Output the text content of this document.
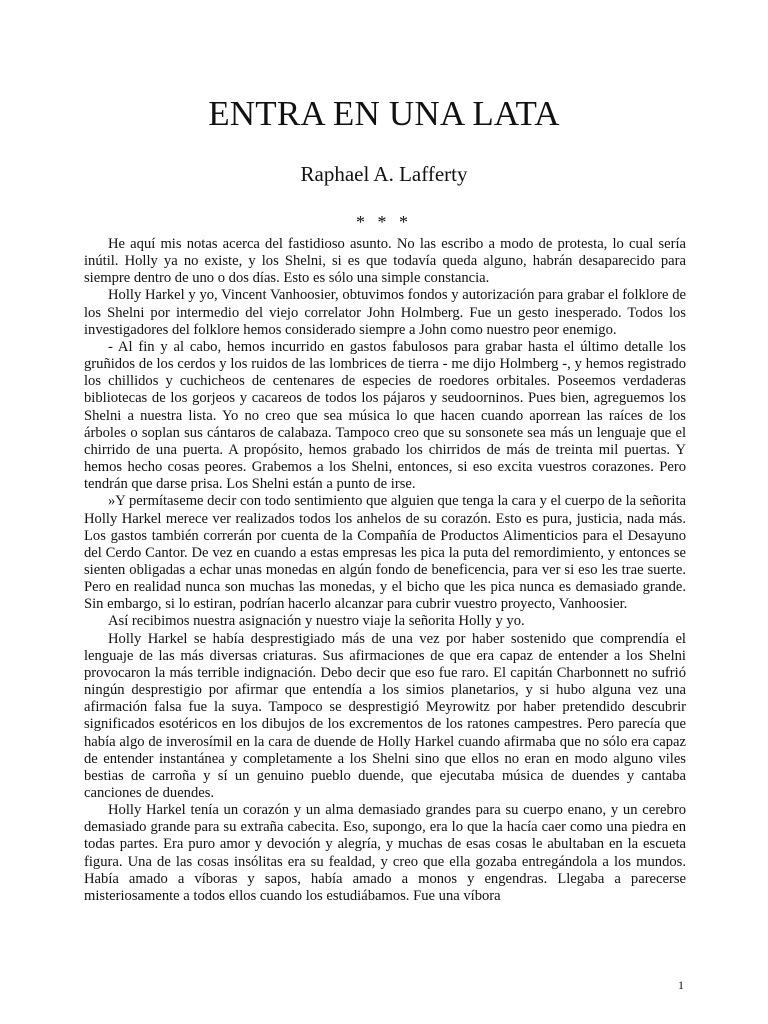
ENTRA EN UNA LATA

Raphael A. Lafferty

* * *

He aquí mis notas acerca del fastidioso asunto. No las escribo a modo de protesta, lo cual sería inútil. Holly ya no existe, y los Shelni, si es que todavía queda alguno, habrán desaparecido para siempre dentro de uno o dos días. Esto es sólo una simple constancia.

Holly Harkel y yo, Vincent Vanhoosier, obtuvimos fondos y autorización para grabar el folklore de los Shelni por intermedio del viejo correlator John Holmberg. Fue un gesto inesperado. Todos los investigadores del folklore hemos considerado siempre a John como nuestro peor enemigo.

- Al fin y al cabo, hemos incurrido en gastos fabulosos para grabar hasta el último detalle los gruñidos de los cerdos y los ruidos de las lombrices de tierra - me dijo Holmberg -, y hemos registrado los chillidos y cuchicheos de centenares de especies de roedores orbitales. Poseemos verdaderas bibliotecas de los gorjeos y cacareos de todos los pájaros y seudoorninos. Pues bien, agreguemos los Shelni a nuestra lista. Yo no creo que sea música lo que hacen cuando aporrean las raíces de los árboles o soplan sus cántaros de calabaza. Tampoco creo que su sonsonete sea más un lenguaje que el chirrido de una puerta. A propósito, hemos grabado los chirridos de más de treinta mil puertas. Y hemos hecho cosas peores. Grabemos a los Shelni, entonces, si eso excita vuestros corazones. Pero tendrán que darse prisa. Los Shelni están a punto de irse.

»Y permítaseme decir con todo sentimiento que alguien que tenga la cara y el cuerpo de la señorita Holly Harkel merece ver realizados todos los anhelos de su corazón. Esto es pura, justicia, nada más. Los gastos también correrán por cuenta de la Compañía de Productos Alimenticios para el Desayuno del Cerdo Cantor. De vez en cuando a estas empresas les pica la puta del remordimiento, y entonces se sienten obligadas a echar unas monedas en algún fondo de beneficencia, para ver si eso les trae suerte. Pero en realidad nunca son muchas las monedas, y el bicho que les pica nunca es demasiado grande. Sin embargo, si lo estiran, podrían hacerlo alcanzar para cubrir vuestro proyecto, Vanhoosier.

Así recibimos nuestra asignación y nuestro viaje la señorita Holly y yo.

Holly Harkel se había desprestigiado más de una vez por haber sostenido que comprendía el lenguaje de las más diversas criaturas. Sus afirmaciones de que era capaz de entender a los Shelni provocaron la más terrible indignación. Debo decir que eso fue raro. El capitán Charbonnett no sufrió ningún desprestigio por afirmar que entendía a los simios planetarios, y si hubo alguna vez una afirmación falsa fue la suya. Tampoco se desprestigió Meyrowitz por haber pretendido descubrir significados esotéricos en los dibujos de los excrementos de los ratones campestres. Pero parecía que había algo de inverosímil en la cara de duende de Holly Harkel cuando afirmaba que no sólo era capaz de entender instantánea y completamente a los Shelni sino que ellos no eran en modo alguno viles bestias de carroña y sí un genuino pueblo duende, que ejecutaba música de duendes y cantaba canciones de duendes.

Holly Harkel tenía un corazón y un alma demasiado grandes para su cuerpo enano, y un cerebro demasiado grande para su extraña cabecita. Eso, supongo, era lo que la hacía caer como una piedra en todas partes. Era puro amor y devoción y alegría, y muchas de esas cosas le abultaban en la escueta figura. Una de las cosas insólitas era su fealdad, y creo que ella gozaba entregándola a los mundos. Había amado a víboras y sapos, había amado a monos y engendras. Llegaba a parecerse misteriosamente a todos ellos cuando los estudiábamos. Fue una víbora

1
